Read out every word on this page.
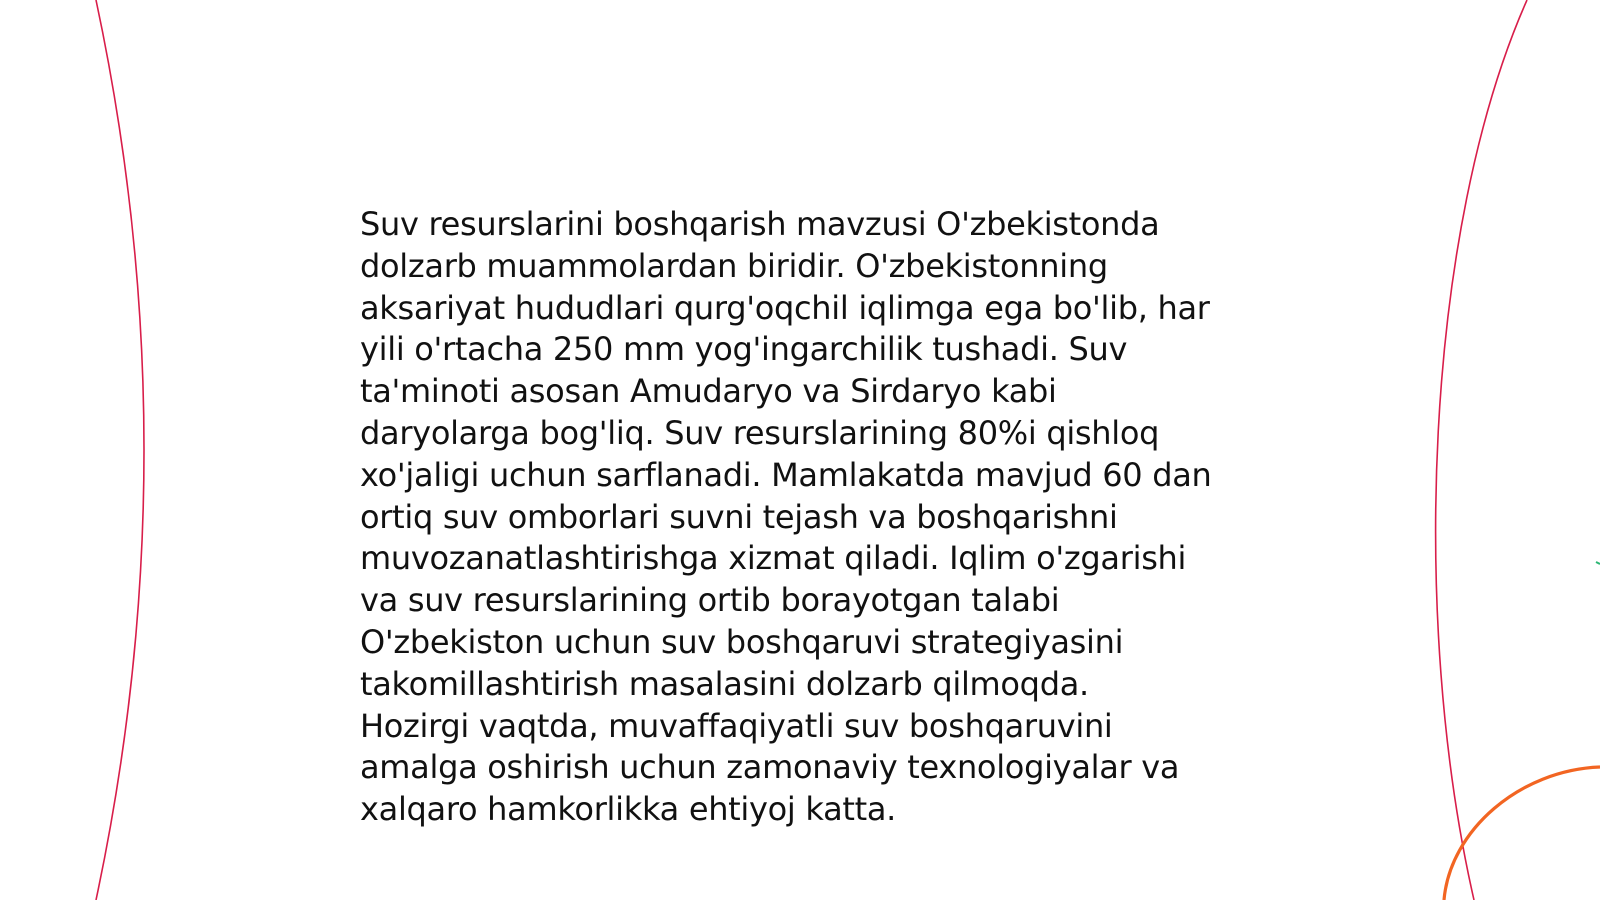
Suv resurslarini boshqarish mavzusi O'zbekistonda
dolzarb muammolardan biridir. O'zbekistonning
aksariyat hududlari qurg'oqchil iqlimga ega bo'lib, har
yili o'rtacha 250 mm yog'ingarchilik tushadi. Suv
ta'minoti asosan Amudaryo va Sirdaryo kabi
daryolarga bog'liq. Suv resurslarining 80%i qishloq
xo'jaligi uchun sarflanadi. Mamlakatda mavjud 60 dan
ortiq suv omborlari suvni tejash va boshqarishni
muvozanatlashtirishga xizmat qiladi. Iqlim o'zgarishi
va suv resurslarining ortib borayotgan talabi
O'zbekiston uchun suv boshqaruvi strategiyasini
takomillashtirish masalasini dolzarb qilmoqda.
Hozirgi vaqtda, muvaffaqiyatli suv boshqaruvini
amalga oshirish uchun zamonaviy texnologiyalar va
xalqaro hamkorlikka ehtiyoj katta.
